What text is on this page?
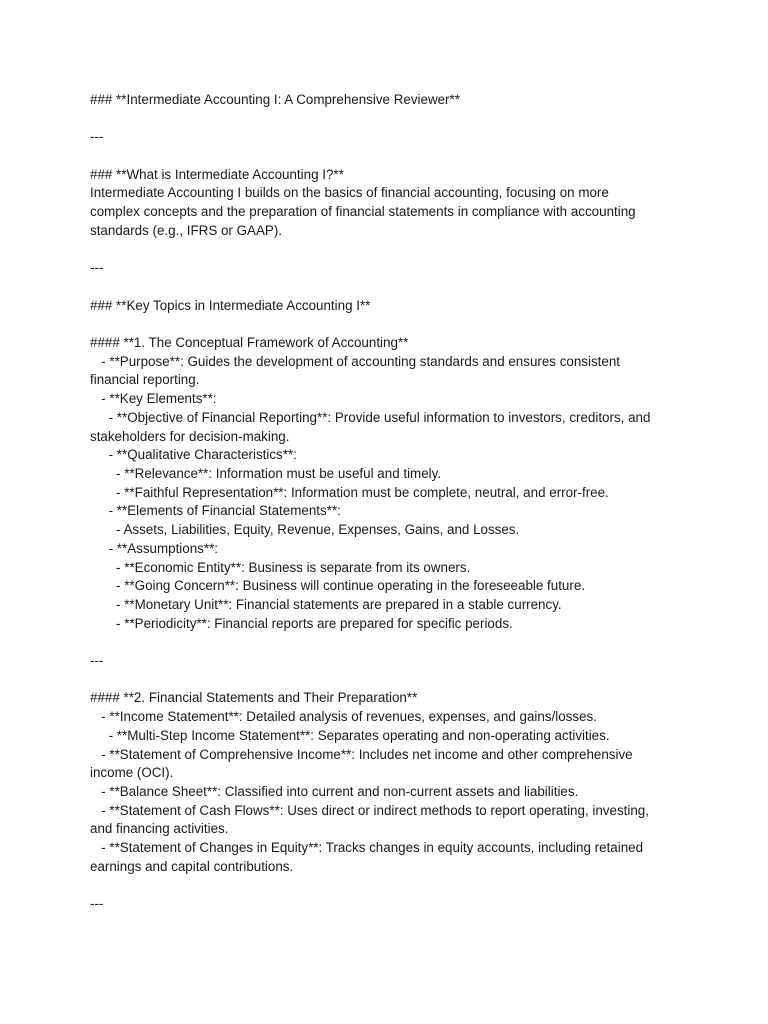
### **Intermediate Accounting I: A Comprehensive Reviewer**

---

### **What is Intermediate Accounting I?**

Intermediate Accounting I builds on the basics of financial accounting, focusing on more

complex concepts and the preparation of financial statements in compliance with accounting

standards (e.g., IFRS or GAAP).

---

### **Key Topics in Intermediate Accounting I**

#### **1. The Conceptual Framework of Accounting**

- **Purpose**: Guides the development of accounting standards and ensures consistent

financial reporting.

- **Key Elements**:

- **Objective of Financial Reporting**: Provide useful information to investors, creditors, and

stakeholders for decision-making.

- **Qualitative Characteristics**:

- **Relevance**: Information must be useful and timely.

- **Faithful Representation**: Information must be complete, neutral, and error-free.

- **Elements of Financial Statements**:

- Assets, Liabilities, Equity, Revenue, Expenses, Gains, and Losses.

- **Assumptions**:

- **Economic Entity**: Business is separate from its owners.

- **Going Concern**: Business will continue operating in the foreseeable future.

- **Monetary Unit**: Financial statements are prepared in a stable currency.

- **Periodicity**: Financial reports are prepared for specific periods.

---

#### **2. Financial Statements and Their Preparation**

- **Income Statement**: Detailed analysis of revenues, expenses, and gains/losses.

- **Multi-Step Income Statement**: Separates operating and non-operating activities.

- **Statement of Comprehensive Income**: Includes net income and other comprehensive

income (OCI).

- **Balance Sheet**: Classified into current and non-current assets and liabilities.

- **Statement of Cash Flows**: Uses direct or indirect methods to report operating, investing,

and financing activities.

- **Statement of Changes in Equity**: Tracks changes in equity accounts, including retained

earnings and capital contributions.

---
